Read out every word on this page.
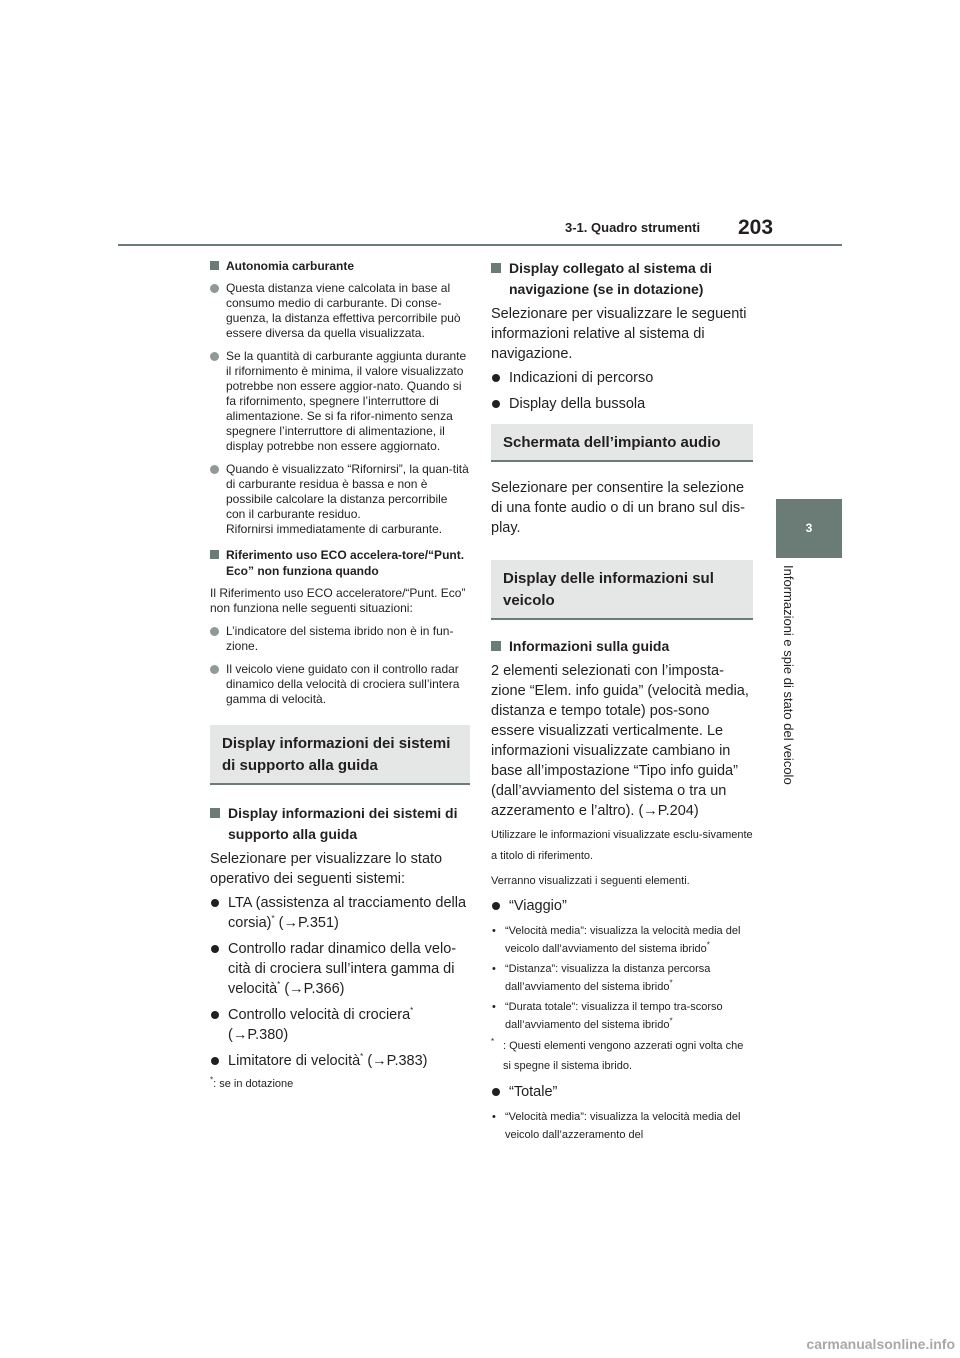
3-1. Quadro strumenti 203
3
Informazioni e spie di stato del veicolo
Autonomia carburante
Questa distanza viene calcolata in base al consumo medio di carburante. Di conse-guenza, la distanza effettiva percorribile può essere diversa da quella visualizzata.
Se la quantità di carburante aggiunta durante il rifornimento è minima, il valore visualizzato potrebbe non essere aggior-nato. Quando si fa rifornimento, spegnere l’interruttore di alimentazione. Se si fa rifor-nimento senza spegnere l’interruttore di alimentazione, il display potrebbe non essere aggiornato.
Quando è visualizzato “Rifornirsi”, la quan-tità di carburante residua è bassa e non è possibile calcolare la distanza percorribile con il carburante residuo.
Rifornirsi immediatamente di carburante.
Riferimento uso ECO accelera-tore/“Punt. Eco” non funziona quando
Il Riferimento uso ECO acceleratore/“Punt. Eco” non funziona nelle seguenti situazioni:
L’indicatore del sistema ibrido non è in fun-zione.
Il veicolo viene guidato con il controllo radar dinamico della velocità di crociera sull’intera gamma di velocità.
Display informazioni dei sistemi di supporto alla guida
Display informazioni dei sistemi di supporto alla guida
Selezionare per visualizzare lo stato operativo dei seguenti sistemi:
LTA (assistenza al tracciamento della corsia)* (→P.351)
Controllo radar dinamico della velo-cità di crociera sull’intera gamma di velocità* (→P.366)
Controllo velocità di crociera*
(→P.380)
Limitatore di velocità* (→P.383)
*: se in dotazione
Display collegato al sistema di navigazione (se in dotazione)
Selezionare per visualizzare le seguenti informazioni relative al sistema di navigazione.
Indicazioni di percorso
Display della bussola
Schermata dell’impianto audio
Selezionare per consentire la selezione di una fonte audio o di un brano sul dis-play.
Display delle informazioni sul veicolo
Informazioni sulla guida
2 elementi selezionati con l’imposta-zione “Elem. info guida” (velocità media, distanza e tempo totale) pos-sono essere visualizzati verticalmente. Le informazioni visualizzate cambiano in base all’impostazione “Tipo info guida” (dall’avviamento del sistema o tra un azzeramento e l’altro). (→P.204)
Utilizzare le informazioni visualizzate esclu-sivamente a titolo di riferimento.
Verranno visualizzati i seguenti elementi.
“Viaggio”
• “Velocità media”: visualizza la velocità media del veicolo dall’avviamento del sistema ibrido*
• “Distanza”: visualizza la distanza percorsa dall’avviamento del sistema ibrido*
• “Durata totale”: visualizza il tempo tra-scorso dall’avviamento del sistema ibrido*
* : Questi elementi vengono azzerati ogni volta che si spegne il sistema ibrido.
“Totale”
• “Velocità media”: visualizza la velocità media del veicolo dall’azzeramento del
carmanualsonline.info
